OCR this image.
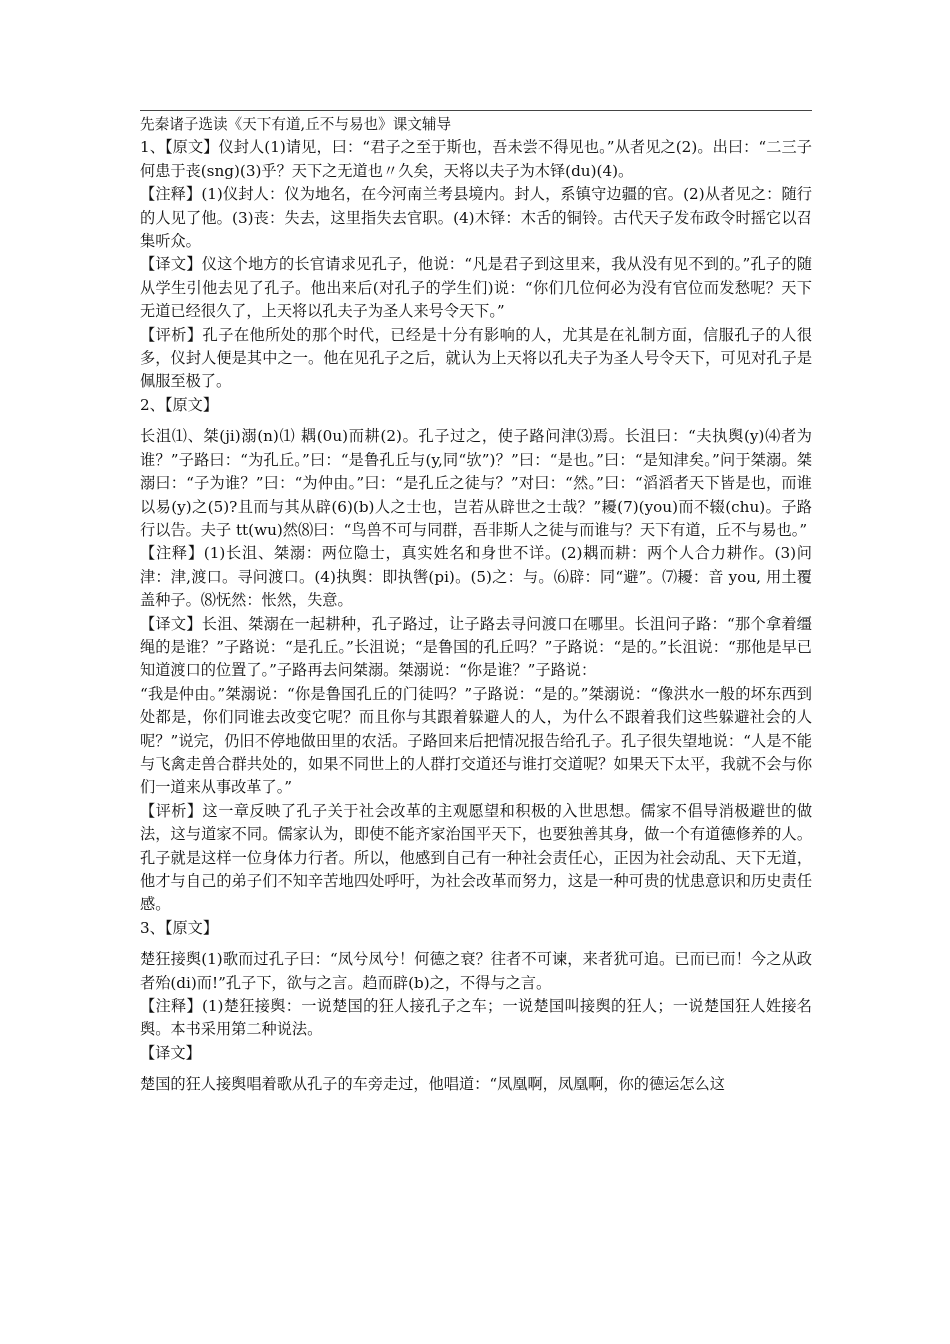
先秦诸子选读《天下有道,丘不与易也》课文辅导

1、【原文】仪封人(1)请见，曰：“君子之至于斯也，吾未尝不得见也。”从者见之(2)。出曰：“二三子何患于丧(sng)(3)乎？天下之无道也〃久矣，天将以夫子为木铎(du)(4)。

【注释】(1)仪封人：仪为地名，在今河南兰考县境内。封人，系镇守边疆的官。(2)从者见之：随行的人见了他。(3)丧：失去，这里指失去官职。(4)木铎：木舌的铜铃。古代天子发布政令时摇它以召集听众。

【译文】仪这个地方的长官请求见孔子，他说：“凡是君子到这里来，我从没有见不到的。”孔子的随从学生引他去见了孔子。他出来后(对孔子的学生们)说：“你们几位何必为没有官位而发愁呢？天下无道已经很久了，上天将以孔夫子为圣人来号令天下。”

【评析】孔子在他所处的那个时代，已经是十分有影响的人，尤其是在礼制方面，信服孔子的人很多，仪封人便是其中之一。他在见孔子之后，就认为上天将以孔夫子为圣人号令天下，可见对孔子是佩服至极了。

2、【原文】

长沮⑴、桀(ji)溺(n)⑴ 耦(0u)而耕(2)。孔子过之，使子路问津⑶焉。长沮曰：“夫执舆(y)⑷者为谁？”子路曰：“为孔丘。”曰：“是鲁孔丘与(y,同“欤”)？”曰：“是也。”曰：“是知津矣。”问于桀溺。桀溺曰：“子为谁？”曰：“为仲由。”曰：“是孔丘之徒与？”对曰：“然。”曰：“滔滔者天下皆是也，而谁以易(y)之(5)?且而与其从辟(6)(b)人之士也，岂若从辟世之士哉？”耰(7)(you)而不辍(chu)。子路行以告。夫子 tt(wu)然⑻曰：“鸟兽不可与同群，吾非斯人之徒与而谁与？天下有道，丘不与易也。”

【注释】(1)长沮、桀溺：两位隐士，真实姓名和身世不详。(2)耦而耕：两个人合力耕作。(3)问津：津,渡口。寻问渡口。(4)执舆：即执辔(pi)。(5)之：与。⑹辟：同“避”。⑺耰：音 you, 用土覆盖种子。⑻怃然：怅然，失意。

【译文】长沮、桀溺在一起耕种，孔子路过，让子路去寻问渡口在哪里。长沮问子路：“那个拿着缰绳的是谁？”子路说：“是孔丘。”长沮说；“是鲁国的孔丘吗？”子路说：“是的。”长沮说：“那他是早已知道渡口的位置了。”子路再去问桀溺。桀溺说：“你是谁？”子路说：

“我是仲由。”桀溺说：“你是鲁国孔丘的门徒吗？”子路说：“是的。”桀溺说：“像洪水一般的坏东西到处都是，你们同谁去改变它呢？而且你与其跟着躲避人的人，为什么不跟着我们这些躲避社会的人呢？”说完，仍旧不停地做田里的农活。子路回来后把情况报告给孔子。孔子很失望地说：“人是不能与飞禽走兽合群共处的，如果不同世上的人群打交道还与谁打交道呢？如果天下太平，我就不会与你们一道来从事改革了。”

【评析】这一章反映了孔子关于社会改革的主观愿望和积极的入世思想。儒家不倡导消极避世的做法，这与道家不同。儒家认为，即使不能齐家治国平天下，也要独善其身，做一个有道德修养的人。孔子就是这样一位身体力行者。所以，他感到自己有一种社会责任心，正因为社会动乱、天下无道，他才与自己的弟子们不知辛苦地四处呼吁，为社会改革而努力，这是一种可贵的忧患意识和历史责任感。

3、【原文】

楚狂接舆(1)歌而过孔子曰：“凤兮凤兮！何德之衰？往者不可谏，来者犹可追。已而已而！今之从政者殆(di)而!”孔子下，欲与之言。趋而辟(b)之，不得与之言。

【注释】(1)楚狂接舆：一说楚国的狂人接孔子之车；一说楚国叫接舆的狂人；一说楚国狂人姓接名舆。本书采用第二种说法。

【译文】

楚国的狂人接舆唱着歌从孔子的车旁走过，他唱道：“凤凰啊，凤凰啊，你的德运怎么这
